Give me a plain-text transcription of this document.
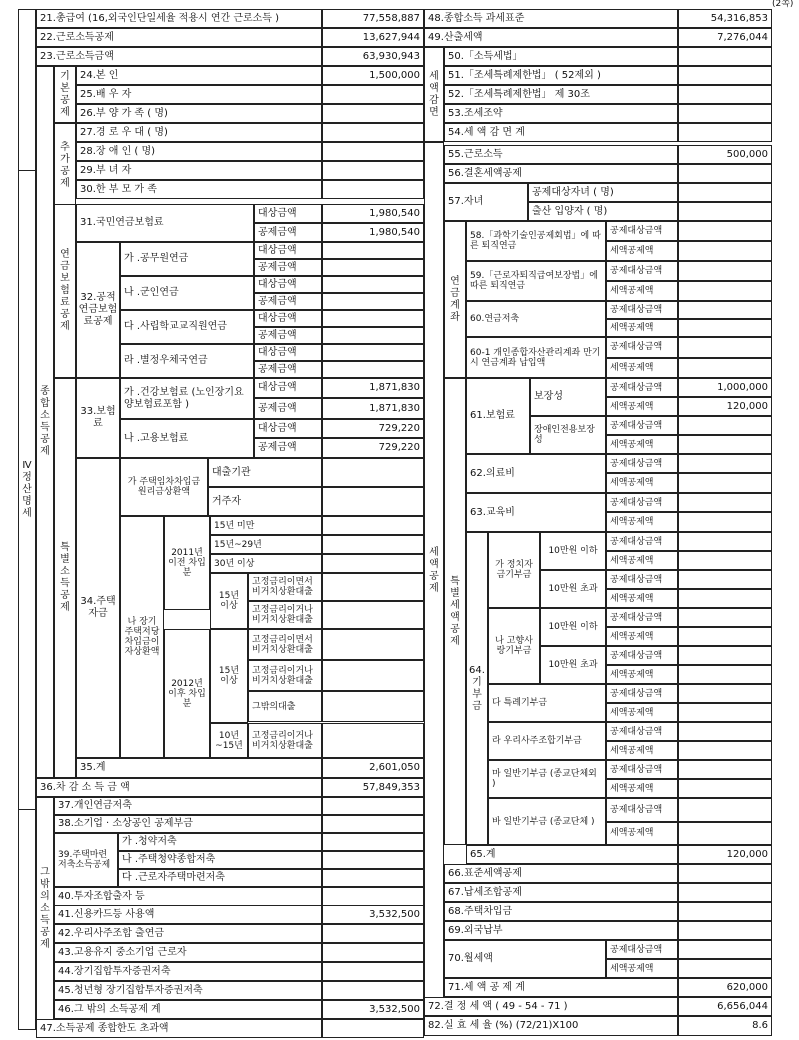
(2쪽)
21.총급여 (16,외국인단일세율 적용시 연간 근로소득 )	77,558,887
22.근로소득공제	13,627,944
23.근로소득금액	63,930,943
Ⅳ 정산명세
종합소득공제
기본공제
추가공제
24.본 인	1,500,000
25.배 우 자
26.부 양 가 족 ( 명)
27.경 로 우 대 ( 명)
28.장 애 인 ( 명)
29.부 녀 자
30.한 부 모 가 족
연금보험료공제
31.국민연금보험료
대상금액	1,980,540
공제금액	1,980,540
32.공적연금보험료공제
가 .공무원연금
대상금액
공제금액
나 .군인연금
대상금액
공제금액
다 .사립학교교직원연금
대상금액
공제금액
라 .별정우체국연금
대상금액
공제금액
특별소득공제
33.보험료
가 .건강보험료 (노인장기요양보험료포함 )
대상금액	1,871,830
공제금액	1,871,830
나 .고용보험료
대상금액	729,220
공제금액	729,220
34.주택자금
가 주택임차차입금원리금상환액
대출기관
거주자
나 장기주택저당차입금이자상환액
2011년 이전 차입분
15년 미만
15년~29년
30년 이상
15년 이상
고정금리이면서 비거치상환대출
고정금리이거나 비거치상환대출
2012년 이후 차입분
15년 이상
고정금리이면서 비거치상환대출
고정금리이거나 비거치상환대출
그밖의대출
10년~15년
고정금리이거나 비거치상환대출
35.계	2,601,050
36.차 감 소 득 금 액	57,849,353
그 밖의 소득공제
37.개인연금저축
38.소기업 · 소상공인 공제부금
39.주택마련저축소득공제
가 .청약저축
나 .주택청약종합저축
다 .근로자주택마련저축
40.투자조합출자 등
41.신용카드등 사용액	3,532,500
42.우리사주조합 출연금
43.고용유지 중소기업 근로자
44.장기집합투자증권저축
45.청년형 장기집합투자증권저축
46.그 밖의 소득공제 계	3,532,500
47.소득공제 종합한도 초과액
48.종합소득 과세표준	54,316,853
49.산출세액	7,276,044
세액감면
50.「소득세법」
51.「조세특례제한법」 ( 52제외 )
52.「조세특례제한법」 제 30조
53.조세조약
54.세 액 감 면 계
세액공제
55.근로소득	500,000
56.결혼세액공제
57.자녀
공제대상자녀 ( 명)
출산 입양자 ( 명)
연금계좌
58.「과학기술인공제회법」에 따른 퇴직연금
공제대상금액
세액공제액
59.「근로자퇴직급여보장법」에 따른 퇴직연금
공제대상금액
세액공제액
60.연금저축
공제대상금액
세액공제액
60-1 개인종합자산관리계좌 만기 시 연금계좌 납입액
공제대상금액
세액공제액
특별세액공제
61.보험료
보장성
공제대상금액	1,000,000
세액공제액	120,000
장애인전용보장성
공제대상금액
세액공제액
62.의료비
공제대상금액
세액공제액
63.교육비
공제대상금액
세액공제액
64.기부금
가 정치자금기부금
나 고향사랑기부금
10만원 이하
공제대상금액
세액공제액
10만원 초과
공제대상금액
세액공제액
10만원 이하
공제대상금액
세액공제액
10만원 초과
공제대상금액
세액공제액
다 특례기부금
공제대상금액
세액공제액
라 우리사주조합기부금
공제대상금액
세액공제액
마 일반기부금 (종교단체외 )
공제대상금액
세액공제액
바 일반기부금 (종교단체 )
공제대상금액
세액공제액
65.계	120,000
66.표준세액공제
67.납세조합공제
68.주택차입금
69.외국납부
70.월세액
공제대상금액
세액공제액
71.세 액 공 제 계	620,000
72.결 정 세 액 ( 49 - 54 - 71 )	6,656,044
82.실 효 세 율 (%) (72/21)X100	8.6
